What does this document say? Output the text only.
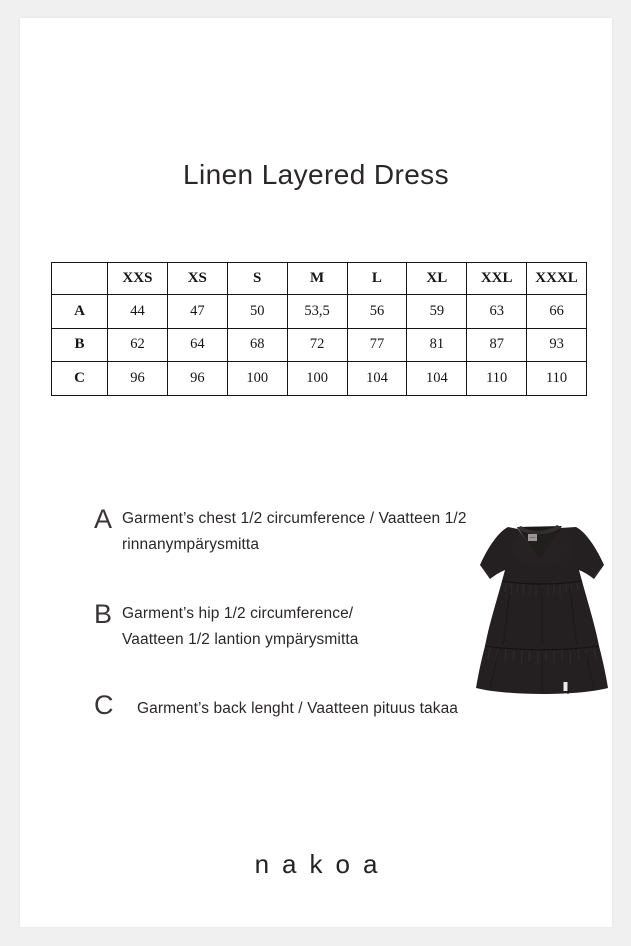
Linen Layered Dress
	XXS	XS	S	M	L	XL	XXL	XXXL
A	44	47	50	53,5	56	59	63	66
B	62	64	68	72	77	81	87	93
C	96	96	100	100	104	104	110	110
A Garment’s chest 1/2 circumference / Vaatteen 1/2
rinnanympärysmitta
B Garment’s hip 1/2 circumference/
Vaatteen 1/2 lantion ympärysmitta
C Garment’s back lenght / Vaatteen pituus takaa
nakoa
